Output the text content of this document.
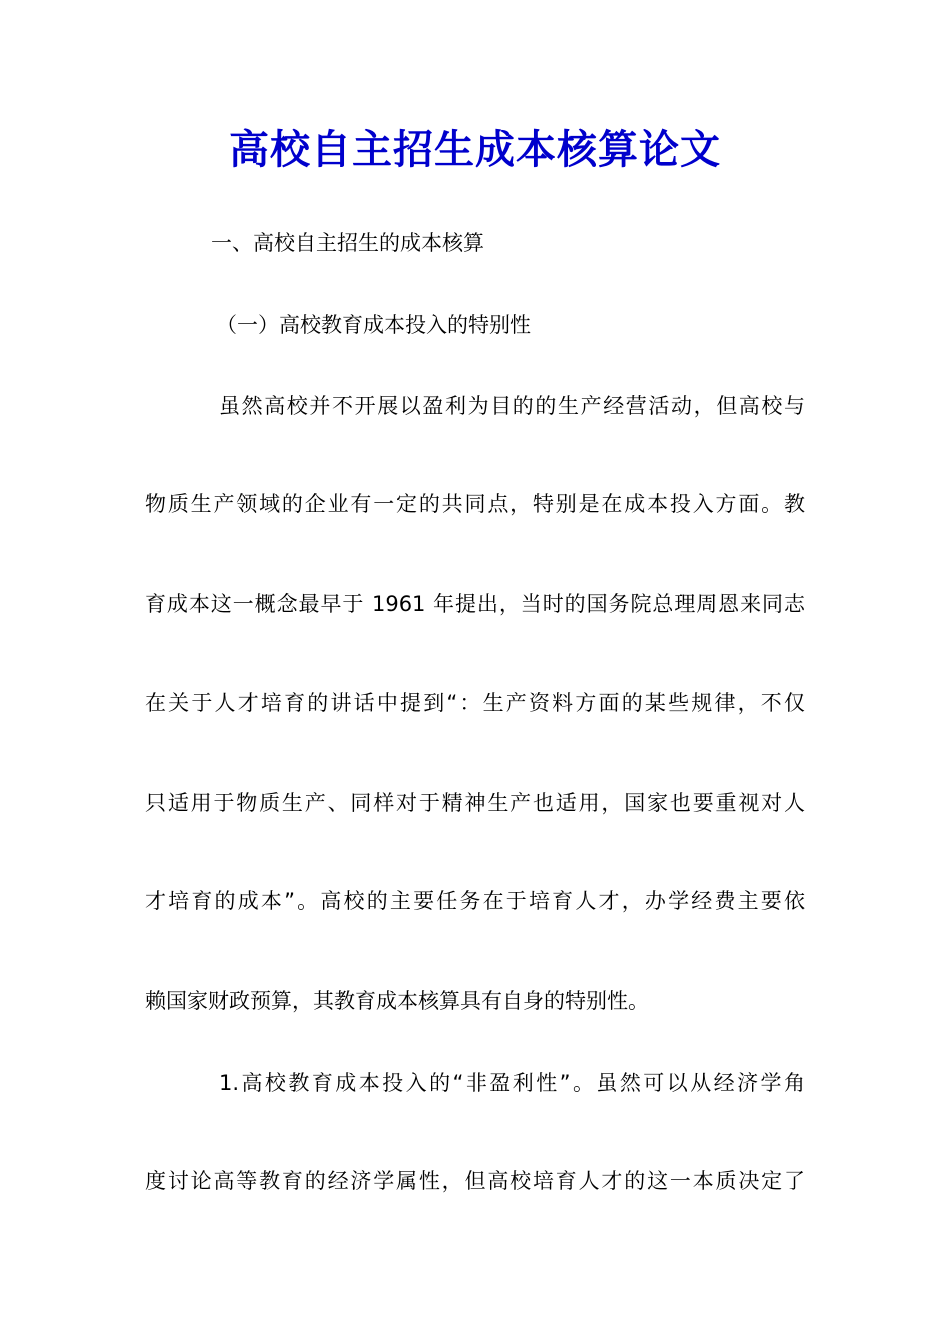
高校自主招生成本核算论文

一、高校自主招生的成本核算

（一）高校教育成本投入的特别性

虽然高校并不开展以盈利为目的的生产经营活动，但高校与

物质生产领域的企业有一定的共同点，特别是在成本投入方面。教

育成本这一概念最早于 1961 年提出，当时的国务院总理周恩来同志

在关于人才培育的讲话中提到“：生产资料方面的某些规律，不仅

只适用于物质生产、同样对于精神生产也适用，国家也要重视对人

才培育的成本”。高校的主要任务在于培育人才，办学经费主要依

赖国家财政预算，其教育成本核算具有自身的特别性。

1.高校教育成本投入的“非盈利性”。虽然可以从经济学角

度讨论高等教育的经济学属性，但高校培育人才的这一本质决定了
